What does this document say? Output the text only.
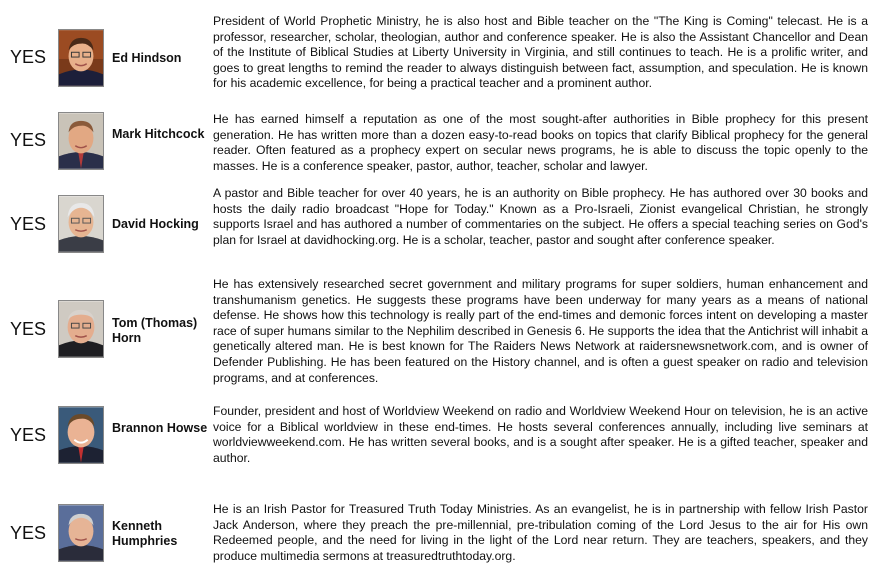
YES	Ed Hindson

President of World Prophetic Ministry, he is also host and Bible teacher on the "The King is Coming" telecast. He is a professor, researcher, scholar, theologian, author and conference speaker. He is also the Assistant Chancellor and Dean of the Institute of Biblical Studies at Liberty University in Virginia, and still continues to teach. He is a prolific writer, and goes to great lengths to remind the reader to always distinguish between fact, assumption, and speculation. He is known for his academic excellence, for being a practical teacher and a prominent author.

YES	Mark Hitchcock

He has earned himself a reputation as one of the most sought-after authorities in Bible prophecy for this present generation. He has written more than a dozen easy-to-read books on topics that clarify Biblical prophecy for the general reader. Often featured as a prophecy expert on secular news programs, he is able to discuss the topic openly to the masses. He is a conference speaker, pastor, author, teacher, scholar and lawyer.

YES	David Hocking

A pastor and Bible teacher for over 40 years, he is an authority on Bible prophecy. He has authored over 30 books and hosts the daily radio broadcast "Hope for Today." Known as a Pro-Israeli, Zionist evangelical Christian, he strongly supports Israel and has authored a number of commentaries on the subject. He offers a special teaching series on God's plan for Israel at davidhocking.org. He is a scholar, teacher, pastor and sought after conference speaker.

YES	Tom (Thomas) Horn

He has extensively researched secret government and military programs for super soldiers, human enhancement and transhumanism genetics. He suggests these programs have been underway for many years as a means of national defense. He shows how this technology is really part of the end-times and demonic forces intent on developing a master race of super humans similar to the Nephilim described in Genesis 6. He supports the idea that the Antichrist will inhabit a genetically altered man. He is best known for The Raiders News Network at raidersnewsnetwork.com, and is owner of Defender Publishing. He has been featured on the History channel, and is often a guest speaker on radio and television programs, and at conferences.

YES	Brannon Howse

Founder, president and host of Worldview Weekend on radio and Worldview Weekend Hour on television, he is an active voice for a Biblical worldview in these end-times. He hosts several conferences annually, including live seminars at worldviewweekend.com. He has written several books, and is a sought after speaker. He is a gifted teacher, speaker and author.

YES	Kenneth Humphries

He is an Irish Pastor for Treasured Truth Today Ministries. As an evangelist, he is in partnership with fellow Irish Pastor Jack Anderson, where they preach the pre-millennial, pre-tribulation coming of the Lord Jesus to the air for His own Redeemed people, and the need for living in the light of the Lord near return. They are teachers, speakers, and they produce multimedia sermons at treasuredtruthtoday.org.
